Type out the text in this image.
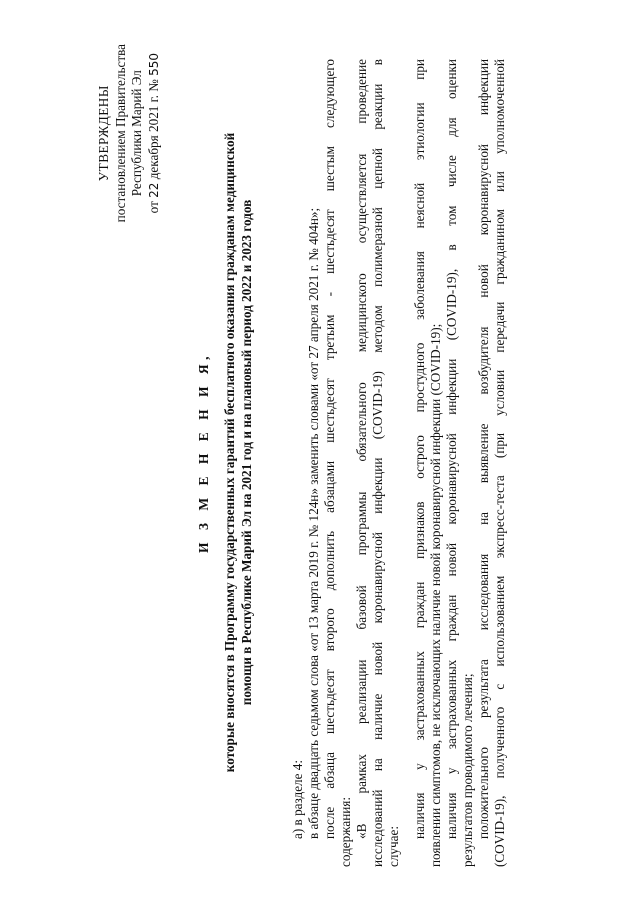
УТВЕРЖДЕНЫ постановлением Правительства Республики Марий Эл
от 22 декабря 2021 г. № 550
И З М Е Н Е Н И Я, которые вносятся в Программу государственных гарантий бесплатного оказания гражданам медицинской помощи в Республике Марий Эл на 2021 год и на плановый период 2022 и 2023 годов
а) в разделе 4: в абзаце двадцать седьмом слова «от 13 марта 2019 г. № 124н» заменить словами «от 27 апреля 2021 г. № 404н»; после абзаца шестьдесят второго дополнить абзацами шестьдесят третьим - шестьдесят шестым следующего содержания: «В рамках реализации базовой программы обязательного медицинского осуществляется проведение исследований на наличие новой коронавирусной инфекции (COVID-19) методом полимеразной цепной реакции в случае:
наличия у застрахованных граждан признаков острого простудного заболевания неясной этиологии при появлении симптомов, не исключающих наличие новой коронавирусной инфекции (COVID-19); наличия у застрахованных граждан новой коронавирусной инфекции (COVID-19), в том числе для оценки результатов проводимого лечения; положительного результата исследования на выявление возбудителя новой коронавирусной инфекции (COVID-19), полученного с использованием экспресс-теста (при условии передачи гражданином или уполномоченной
